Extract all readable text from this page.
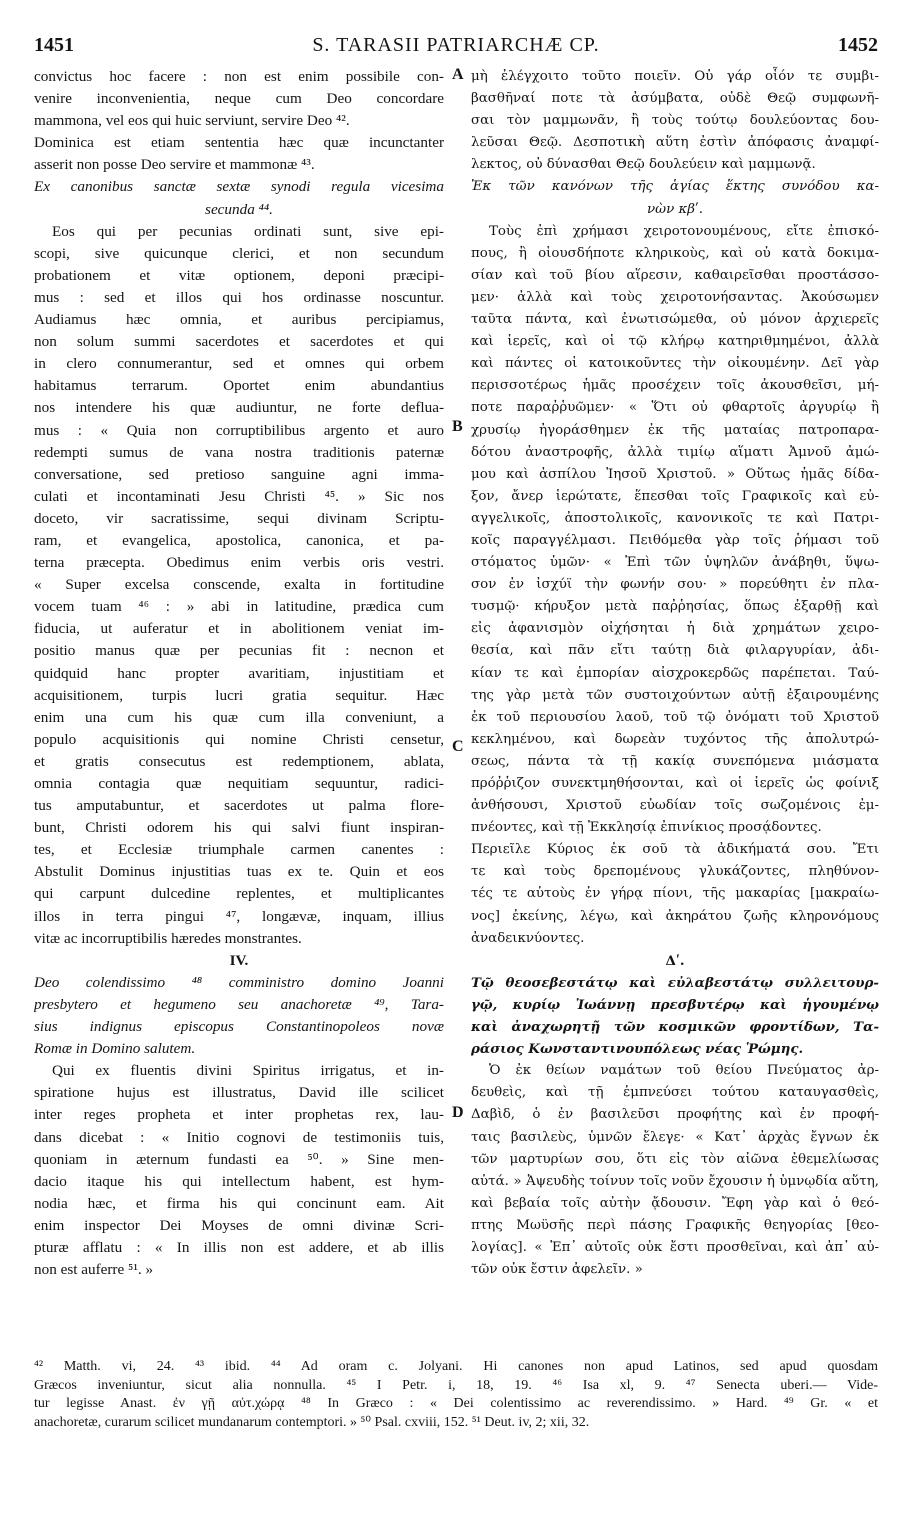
1451	S. TARASII PATRIARCHÆ CP.	1452
convictus hoc facere : non est enim possibile con-
venire inconvenientia, neque cum Deo concordare
mammona, vel eos qui huic serviunt, servire Deo ⁴².
Dominica est etiam sententia hæc quæ incunctanter
asserit non posse Deo servire et mammonæ ⁴³.
Ex canonibus sanctæ sextæ synodi regula vicesima
secunda ⁴⁴.
Eos qui per pecunias ordinati sunt, sive epi-
scopi, sive quicunque clerici, et non secundum
probationem et vitæ optionem, deponi præcipi-
mus : sed et illos qui hos ordinasse noscuntur.
Audiamus hæc omnia, et auribus percipiamus,
non solum summi sacerdotes et sacerdotes et qui
in clero connumerantur, sed et omnes qui orbem
habitamus terrarum. Oportet enim abundantius
nos intendere his quæ audiuntur, ne forte deflua-
mus : « Quia non corruptibilibus argento et auro
redempti sumus de vana nostra traditionis paternæ
conversatione, sed pretioso sanguine agni imma-
culati et incontaminati Jesu Christi ⁴⁵. » Sic nos
doceto, vir sacratissime, sequi divinam Scriptu-
ram, et evangelica, apostolica, canonica, et pa-
terna præcepta. Obedimus enim verbis oris vestri.
« Super excelsa conscende, exalta in fortitudine
vocem tuam ⁴⁶ : » abi in latitudine, prædica cum
fiducia, ut auferatur et in abolitionem veniat im-
positio manus quæ per pecunias fit : necnon et
quidquid hanc propter avaritiam, injustitiam et
acquisitionem, turpis lucri gratia sequitur. Hæc
enim una cum his quæ cum illa conveniunt, a
populo acquisitionis qui nomine Christi censetur,
et gratis consecutus est redemptionem, ablata,
omnia contagia quæ nequitiam sequuntur, radici-
tus amputabuntur, et sacerdotes ut palma flore-
bunt, Christi odorem his qui salvi fiunt inspiran-
tes, et Ecclesiæ triumphale carmen canentes :
Abstulit Dominus injustitias tuas ex te. Quin et eos
qui carpunt dulcedine replentes, et multiplicantes
illos in terra pingui ⁴⁷, longævæ, inquam, illius
vitæ ac incorruptibilis hæredes monstrantes.
IV.
Deo colendissimo ⁴⁸ comministro domino Joanni
presbytero et hegumeno seu anachoretæ ⁴⁹, Tara-
sius indignus episcopus Constantinopoleos novæ
Romæ in Domino salutem.
Qui ex fluentis divini Spiritus irrigatus, et in-
spiratione hujus est illustratus, David ille scilicet
inter reges propheta et inter prophetas rex, lau-
dans dicebat : « Initio cognovi de testimoniis tuis,
quoniam in æternum fundasti ea ⁵⁰. » Sine men-
dacio itaque his qui intellectum habent, est hym-
nodia hæc, et firma his qui concinunt eam. Ait
enim inspector Dei Moyses de omni divinæ Scri-
pturæ afflatu : « In illis non est addere, et ab illis
non est auferre ⁵¹. »
μὴ ἐλέγχοιτο τοῦτο ποιεῖν. Οὐ γάρ οἷόν τε συμβι-
βασθῆναί ποτε τὰ ἀσύμβατα, οὐδὲ Θεῷ συμφωνῆ-
σαι τὸν μαμμωνᾶν, ἢ τοὺς τούτῳ δουλεύοντας δου-
λεῦσαι Θεῷ. Δεσποτικὴ αὕτη ἐστὶν ἀπόφασις ἀναμφί-
λεκτος, οὐ δύνασθαι Θεῷ δουλεύειν καὶ μαμμωνᾷ.
Ἐκ τῶν κανόνων τῆς ἁγίας ἕκτης συνόδου κα-
νὼν κβʹ.
Τοὺς ἐπὶ χρήμασι χειροτονουμένους, εἴτε ἐπισκό-
πους, ἢ οἱουσδήποτε κληρικοὺς, καὶ οὐ κατὰ δοκιμα-
σίαν καὶ τοῦ βίου αἵρεσιν, καθαιρεῖσθαι προστάσσο-
μεν· ἀλλὰ καὶ τοὺς χειροτονήσαντας. Ἀκούσωμεν
ταῦτα πάντα, καὶ ἐνωτισώμεθα, οὐ μόνον ἀρχιερεῖς
καὶ ἱερεῖς, καὶ οἱ τῷ κλήρῳ κατηριθμημένοι, ἀλλὰ
καὶ πάντες οἱ κατοικοῦντες τὴν οἰκουμένην. Δεῖ γὰρ
περισσοτέρως ἡμᾶς προσέχειν τοῖς ἀκουσθεῖσι, μή-
ποτε παραῤῥυῶμεν· « Ὅτι οὐ φθαρτοῖς ἀργυρίῳ ἢ
χρυσίῳ ἠγοράσθημεν ἐκ τῆς ματαίας πατροπαρα-
δότου ἀναστροφῆς, ἀλλὰ τιμίῳ αἵματι Ἀμνοῦ ἀμώ-
μου καὶ ἀσπίλου Ἰησοῦ Χριστοῦ. » Οὕτως ἡμᾶς δίδα-
ξον, ἄνερ ἱερώτατε, ἕπεσθαι τοῖς Γραφικοῖς καὶ εὐ-
αγγελικοῖς, ἀποστολικοῖς, κανονικοῖς τε καὶ Πατρι-
κοῖς παραγγέλμασι. Πειθόμεθα γὰρ τοῖς ῥήμασι τοῦ
στόματος ὑμῶν· « Ἐπὶ τῶν ὑψηλῶν ἀνάβηθι, ὕψω-
σον ἐν ἰσχύϊ τὴν φωνήν σου· » πορεύθητι ἐν πλα-
τυσμῷ· κήρυξον μετὰ παῤῥησίας, ὅπως ἐξαρθῇ καὶ
εἰς ἀφανισμὸν οἰχήσηται ἡ διὰ χρημάτων χειρο-
θεσία, καὶ πᾶν εἴτι ταύτῃ διὰ φιλαργυρίαν, ἀδι-
κίαν τε καὶ ἐμπορίαν αἰσχροκερδῶς παρέπεται. Ταύ-
της γὰρ μετὰ τῶν συστοιχούντων αὐτῇ ἐξαιρουμένης
ἐκ τοῦ περιουσίου λαοῦ, τοῦ τῷ ὀνόματι τοῦ Χριστοῦ
κεκλημένου, καὶ δωρεὰν τυχόντος τῆς ἀπολυτρώ-
σεως, πάντα τὰ τῇ κακίᾳ συνεπόμενα μιάσματα
πρόῤῥιζον συνεκτμηθήσονται, καὶ οἱ ἱερεῖς ὡς φοίνιξ
ἀνθήσουσι, Χριστοῦ εὐωδίαν τοῖς σωζομένοις ἐμ-
πνέοντες, καὶ τῇ Ἐκκλησίᾳ ἐπινίκιος προσᾴδοντες.
Περιεῖλε Κύριος ἐκ σοῦ τὰ ἀδικήματά σου. Ἔτι
τε καὶ τοὺς δρεπομένους γλυκάζοντες, πληθύνον-
τές τε αὐτοὺς ἐν γήρᾳ πίονι, τῆς μακαρίας [μακραίω-
νος] ἐκείνης, λέγω, καὶ ἀκηράτου ζωῆς κληρονόμους
ἀναδεικνύοντες.
Δʹ.
Τῷ θεοσεβεστάτῳ καὶ εὐλαβεστάτῳ συλλειτουρ-
γῷ, κυρίῳ Ἰωάννῃ πρεσβυτέρῳ καὶ ἡγουμένῳ
καὶ ἀναχωρητῇ τῶν κοσμικῶν φροντίδων, Τα-
ράσιος Κωνσταντινουπόλεως νέας Ῥώμης.
Ὁ ἐκ θείων ναμάτων τοῦ θείου Πνεύματος ἀρ-
δευθεὶς, καὶ τῇ ἐμπνεύσει τούτου καταυγασθεὶς,
Δαβὶδ, ὁ ἐν βασιλεῦσι προφήτης καὶ ἐν προφή-
ταις βασιλεὺς, ὑμνῶν ἔλεγε· « Κατ᾽ ἀρχὰς ἔγνων ἐκ
τῶν μαρτυρίων σου, ὅτι εἰς τὸν αἰῶνα ἐθεμελίωσας
αὐτά. » Ἀψευδὴς τοίνυν τοῖς νοῦν ἔχουσιν ἡ ὑμνῳδία αὕτη,
καὶ βεβαία τοῖς αὐτὴν ᾄδουσιν. Ἔφη γὰρ καὶ ὁ θεό-
πτης Μωϋσῆς περὶ πάσης Γραφικῆς θεηγορίας [θεο-
λογίας]. « Ἐπ᾽ αὐτοῖς οὐκ ἔστι προσθεῖναι, καὶ ἀπ᾽ αὐ-
τῶν οὐκ ἔστιν ἀφελεῖν. »
A
B
C
D
⁴² Matth. vi, 24. ⁴³ ibid. ⁴⁴ Ad oram c. Jolyani. Hi canones non apud Latinos, sed apud quosdam
Græcos inveniuntur, sicut alia nonnulla. ⁴⁵ I Petr. i, 18, 19. ⁴⁶ Isa xl, 9. ⁴⁷ Senecta uberi.— Vide-
tur legisse Anast. ἐν γῇ αὐτ.χώρᾳ ⁴⁸ In Græco : « Dei colentissimo ac reverendissimo. » Hard. ⁴⁹ Gr. « et
anachoretæ, curarum scilicet mundanarum contemptori. » ⁵⁰ Psal. cxviii, 152. ⁵¹ Deut. iv, 2; xii, 32.
